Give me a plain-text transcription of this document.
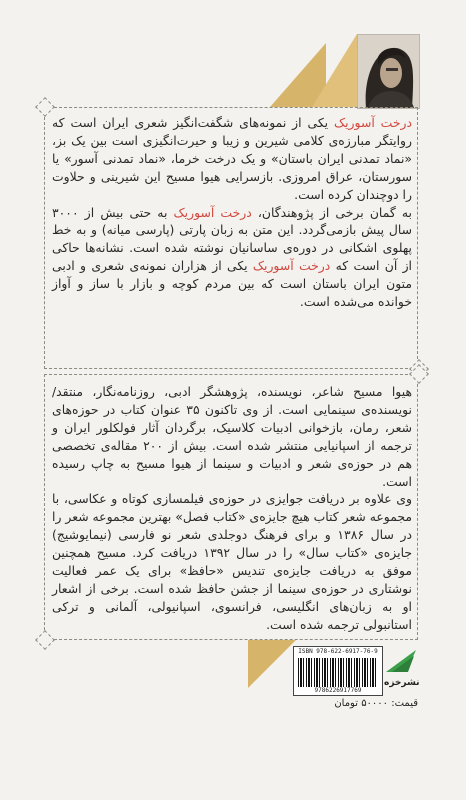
درخت آسوریک یکی از نمونه‌های شگفت‌انگیز شعری ایران است که روایتگر مبارزه‌ی کلامی شیرین و زیبا و حیرت‌انگیزی است بین یک بز، «نماد تمدنی ایران باستان» و یک درخت خرما، «نماد تمدنی آسور» یا سورستان، عراق امروزی. بازسرایی هیوا مسیح این شیرینی و حلاوت را دوچندان کرده است.
به گمان برخی از پژوهندگان، درخت آسوریک به حتی بیش از ۳۰۰۰ سال پیش بازمی‌گردد. این متن به زبان پارتی (پارسی میانه) و به خط پهلوی اشکانی در دوره‌ی ساسانیان نوشته شده است. نشانه‌ها حاکی از آن است که درخت آسوریک یکی از هزاران نمونه‌ی شعری و ادبی متون ایران باستان است که بین مردم کوچه و بازار با ساز و آواز خوانده می‌شده است.

هیوا مسیح شاعر، نویسنده، پژوهشگر ادبی، روزنامه‌نگار، منتقد/نویسنده‌ی سینمایی است. از وی تاکنون ۳۵ عنوان کتاب در حوزه‌های شعر، رمان، بازخوانی ادبیات کلاسیک، برگردان آثار فولکلور ایران و ترجمه از اسپانیایی منتشر شده است. بیش از ۲۰۰ مقاله‌ی تخصصی هم در حوزه‌ی شعر و ادبیات و سینما از هیوا مسیح به چاپ رسیده است.

وی علاوه بر دریافت جوایزی در حوزه‌ی فیلمسازی کوتاه و عکاسی، با مجموعه شعر کتاب هیچ جایزه‌ی «کتاب فصل» بهترین مجموعه شعر را در سال ۱۳۸۶ و برای فرهنگ دوجلدی شعر نو فارسی (نیمایوشیج) جایزه‌ی «کتاب سال» را در سال ۱۳۹۲ دریافت کرد. مسیح همچنین موفق به دریافت جایزه‌ی تندیس «حافظ» برای یک عمر فعالیت نوشتاری در حوزه‌ی سینما از جشن حافظ شده است. برخی از اشعار او به زبان‌های انگلیسی، فرانسوی، اسپانیولی، آلمانی و ترکی استانبولی ترجمه شده است.

ISBN 978-622-6917-76-9
9786226917769
نشرخزه
قیمت: ۵۰۰۰۰ تومان
